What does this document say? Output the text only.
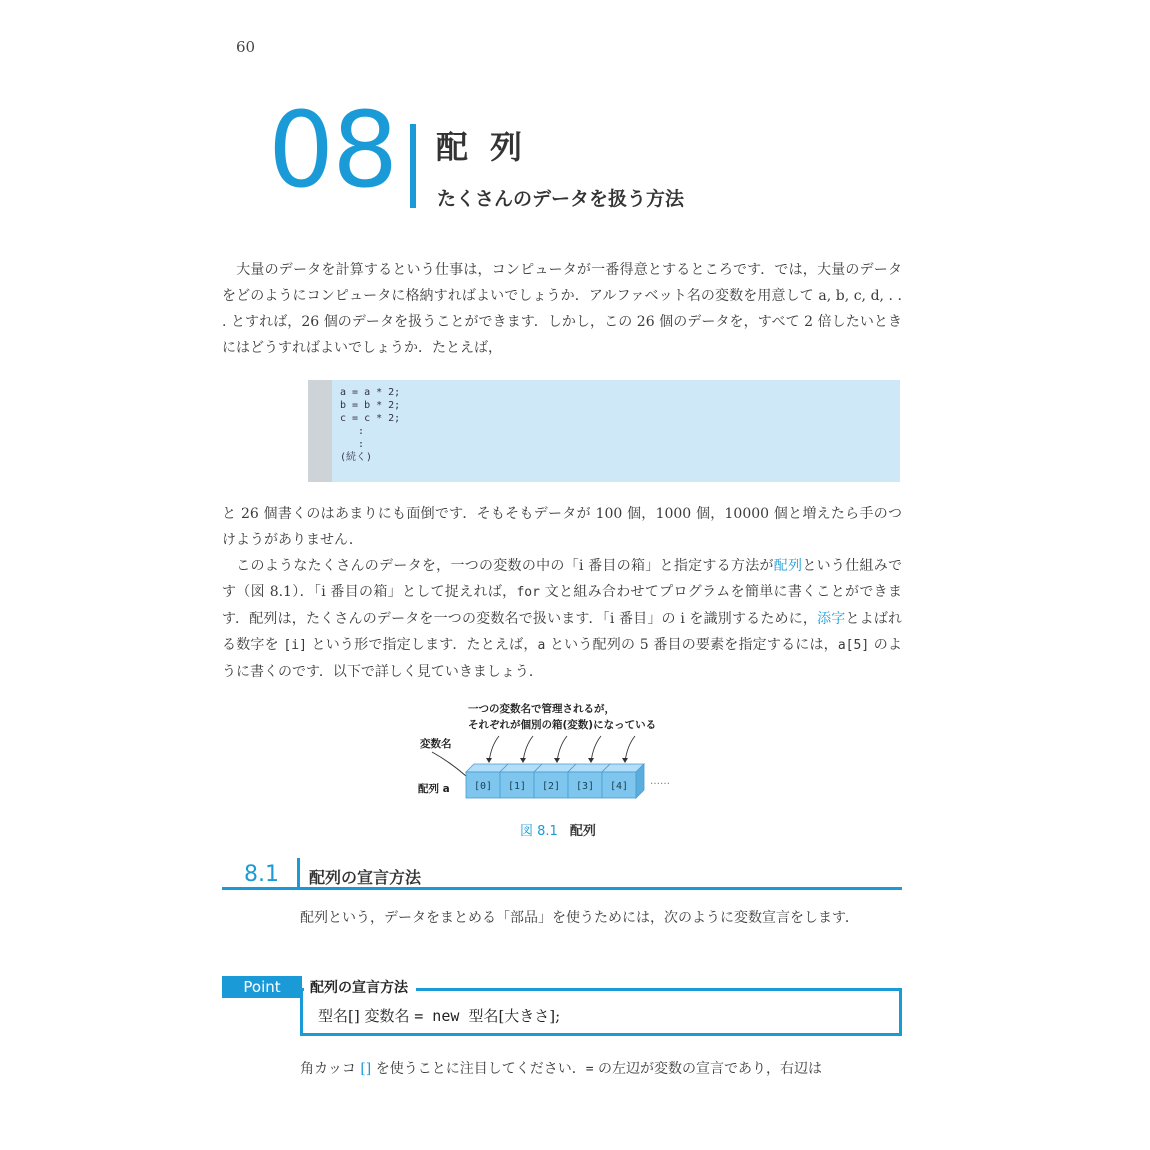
60
08 配列
たくさんのデータを扱う方法
　大量のデータを計算するという仕事は，コンピュータが一番得意とするところです．では，大量のデータをどのようにコンピュータに格納すればよいでしょうか．アルファベット名の変数を用意して a, b, c, d, . . . とすれば，26 個のデータを扱うことができます．しかし，この 26 個のデータを，すべて 2 倍したいときにはどうすればよいでしょうか．たとえば，
a = a * 2;
b = b * 2;
c = c * 2;
:
:
(続く)
と 26 個書くのはあまりにも面倒です．そもそもデータが 100 個，1000 個，10000 個と増えたら手のつけようがありません．
　このようなたくさんのデータを，一つの変数の中の「i 番目の箱」と指定する方法が配列という仕組みです（図 8.1）．「i 番目の箱」として捉えれば，for 文と組み合わせてプログラムを簡単に書くことができます．配列は，たくさんのデータを一つの変数名で扱います．「i 番目」の i を識別するために，添字とよばれる数字を [i] という形で指定します．たとえば，a という配列の 5 番目の要素を指定するには，a[5] のように書くのです．以下で詳しく見ていきましょう．
一つの変数名で管理されるが，
それぞれが個別の箱(変数)になっている
変数名
配列 a [0] [1] [2] [3] [4] ……
図 8.1 配列
8.1 配列の宣言方法
配列という，データをまとめる「部品」を使うためには，次のように変数宣言をします．
Point	配列の宣言方法
型名[] 変数名 = new 型名[大きさ];
角カッコ [] を使うことに注目してください．= の左辺が変数の宣言であり，右辺は
